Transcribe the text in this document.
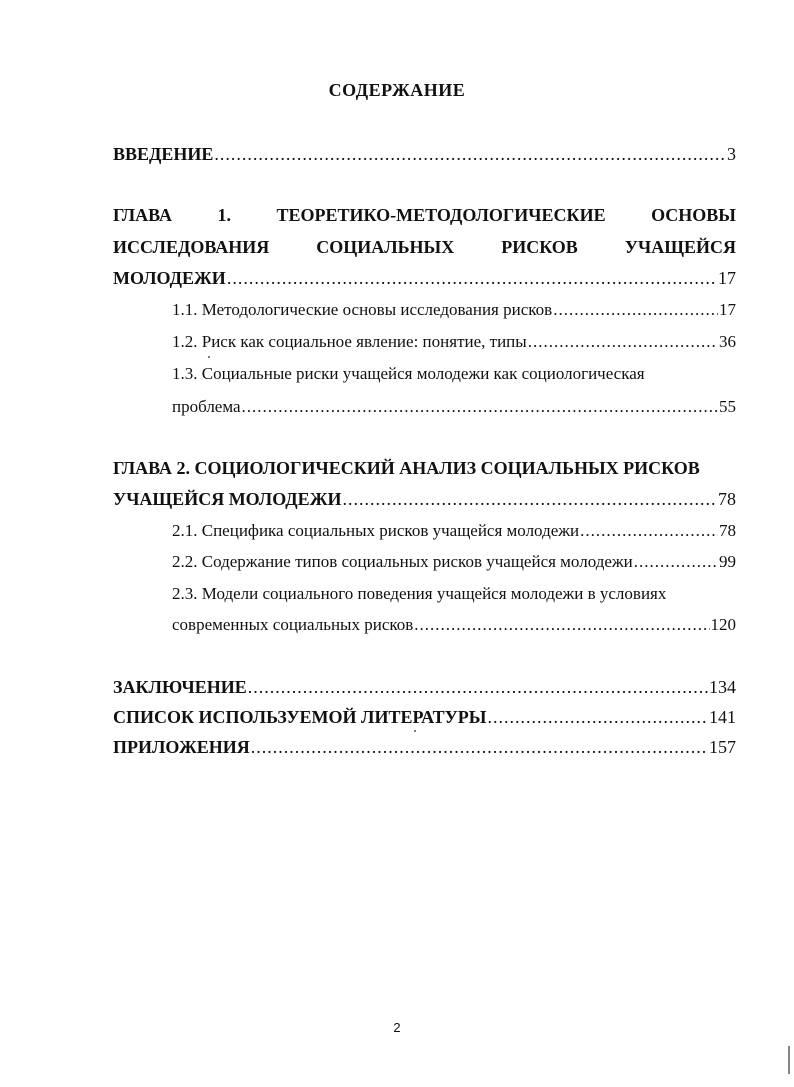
СОДЕРЖАНИЕ
ВВЕДЕНИЕ .....	3
ГЛАВА	1.	ТЕОРЕТИКО-МЕТОДОЛОГИЧЕСКИЕ	ОСНОВЫ
ИССЛЕДОВАНИЯ	СОЦИАЛЬНЫХ	РИСКОВ	УЧАЩЕЙСЯ
МОЛОДЕЖИ .....	17
1.1. Методологические основы исследования рисков .....	17
1.2. Риск как социальное явление: понятие, типы .....	36
1.3. Социальные риски учащейся молодежи как социологическая
проблема .....	55
ГЛАВА 2. СОЦИОЛОГИЧЕСКИЙ АНАЛИЗ СОЦИАЛЬНЫХ РИСКОВ
УЧАЩЕЙСЯ МОЛОДЕЖИ .....	78
2.1. Специфика социальных рисков учащейся молодежи .....	78
2.2. Содержание типов социальных рисков учащейся молодежи .....	99
2.3. Модели социального поведения учащейся молодежи в условиях
современных социальных рисков .....	120
ЗАКЛЮЧЕНИЕ .....	134
СПИСОК ИСПОЛЬЗУЕМОЙ ЛИТЕРАТУРЫ .....	141
ПРИЛОЖЕНИЯ .....	157
2
